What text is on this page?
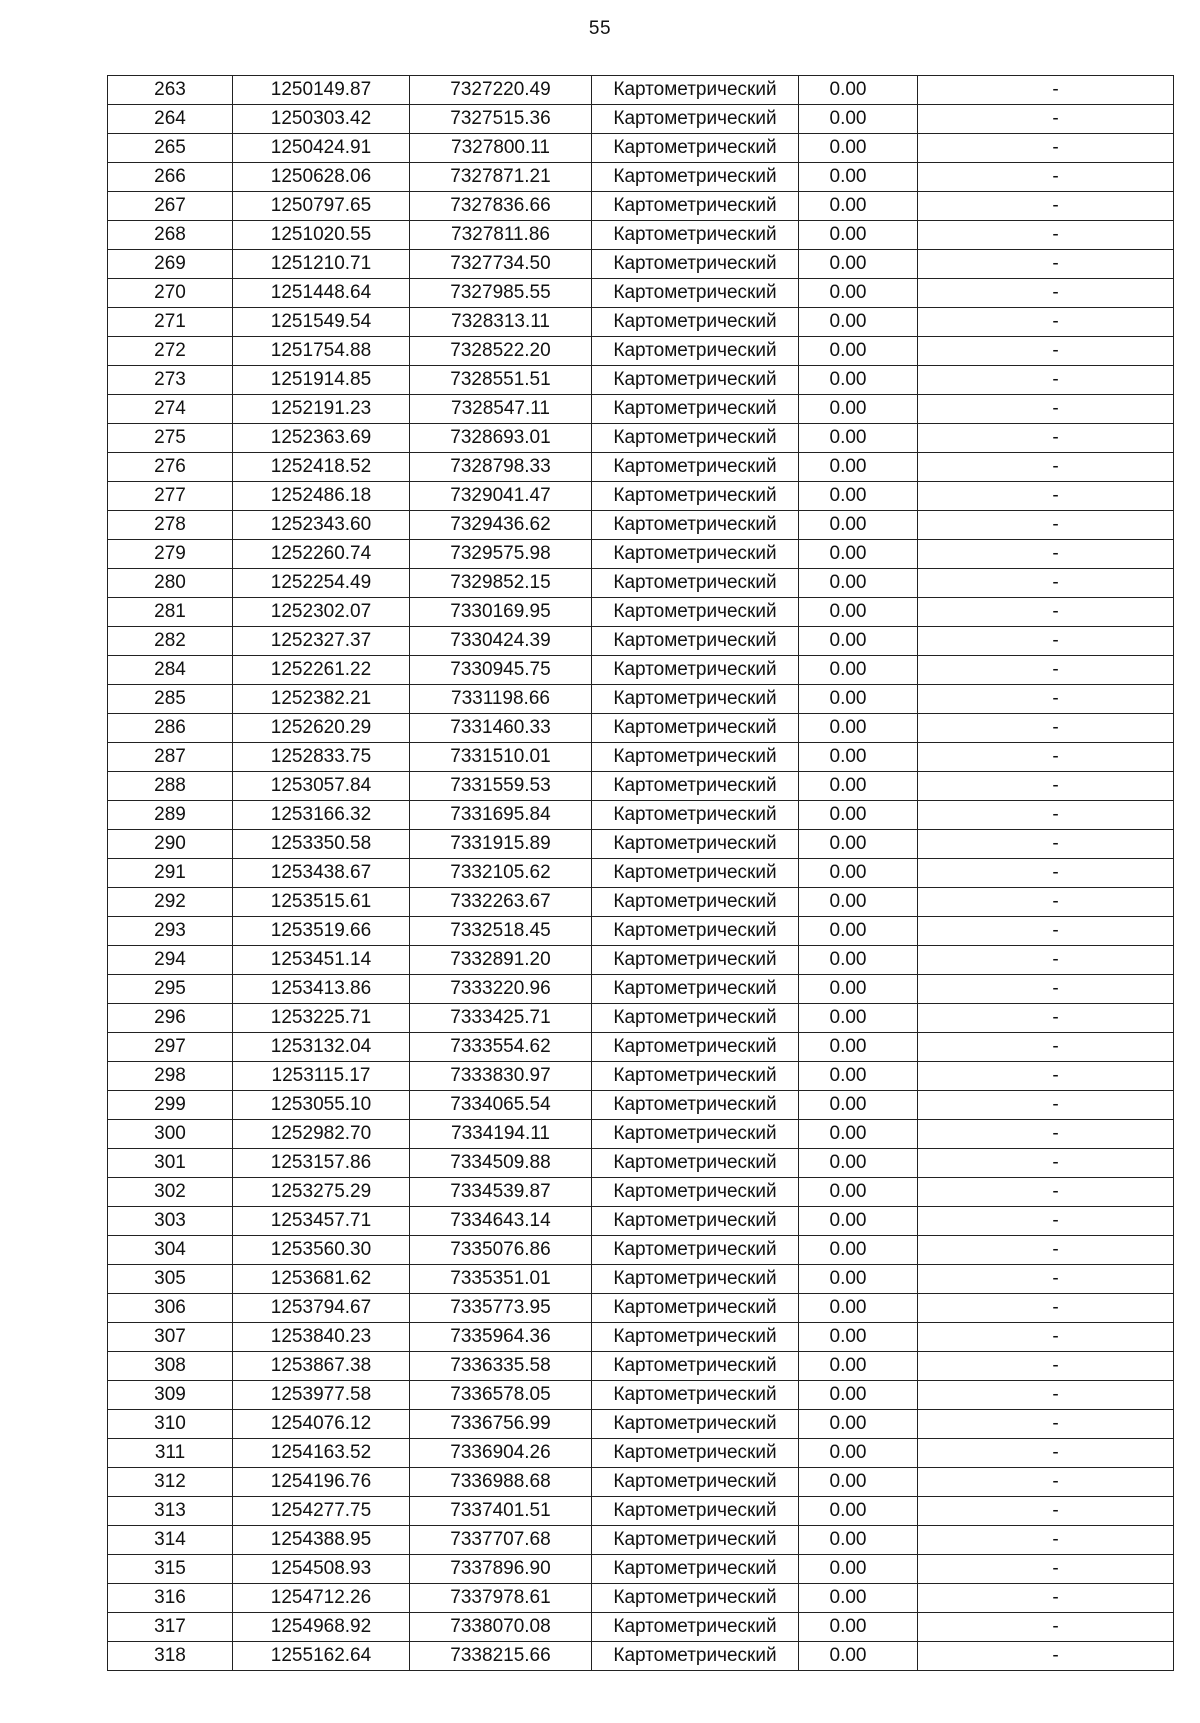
55
263	1250149.87	7327220.49	Картометрический	0.00	-
264	1250303.42	7327515.36	Картометрический	0.00	-
265	1250424.91	7327800.11	Картометрический	0.00	-
266	1250628.06	7327871.21	Картометрический	0.00	-
267	1250797.65	7327836.66	Картометрический	0.00	-
268	1251020.55	7327811.86	Картометрический	0.00	-
269	1251210.71	7327734.50	Картометрический	0.00	-
270	1251448.64	7327985.55	Картометрический	0.00	-
271	1251549.54	7328313.11	Картометрический	0.00	-
272	1251754.88	7328522.20	Картометрический	0.00	-
273	1251914.85	7328551.51	Картометрический	0.00	-
274	1252191.23	7328547.11	Картометрический	0.00	-
275	1252363.69	7328693.01	Картометрический	0.00	-
276	1252418.52	7328798.33	Картометрический	0.00	-
277	1252486.18	7329041.47	Картометрический	0.00	-
278	1252343.60	7329436.62	Картометрический	0.00	-
279	1252260.74	7329575.98	Картометрический	0.00	-
280	1252254.49	7329852.15	Картометрический	0.00	-
281	1252302.07	7330169.95	Картометрический	0.00	-
282	1252327.37	7330424.39	Картометрический	0.00	-
284	1252261.22	7330945.75	Картометрический	0.00	-
285	1252382.21	7331198.66	Картометрический	0.00	-
286	1252620.29	7331460.33	Картометрический	0.00	-
287	1252833.75	7331510.01	Картометрический	0.00	-
288	1253057.84	7331559.53	Картометрический	0.00	-
289	1253166.32	7331695.84	Картометрический	0.00	-
290	1253350.58	7331915.89	Картометрический	0.00	-
291	1253438.67	7332105.62	Картометрический	0.00	-
292	1253515.61	7332263.67	Картометрический	0.00	-
293	1253519.66	7332518.45	Картометрический	0.00	-
294	1253451.14	7332891.20	Картометрический	0.00	-
295	1253413.86	7333220.96	Картометрический	0.00	-
296	1253225.71	7333425.71	Картометрический	0.00	-
297	1253132.04	7333554.62	Картометрический	0.00	-
298	1253115.17	7333830.97	Картометрический	0.00	-
299	1253055.10	7334065.54	Картометрический	0.00	-
300	1252982.70	7334194.11	Картометрический	0.00	-
301	1253157.86	7334509.88	Картометрический	0.00	-
302	1253275.29	7334539.87	Картометрический	0.00	-
303	1253457.71	7334643.14	Картометрический	0.00	-
304	1253560.30	7335076.86	Картометрический	0.00	-
305	1253681.62	7335351.01	Картометрический	0.00	-
306	1253794.67	7335773.95	Картометрический	0.00	-
307	1253840.23	7335964.36	Картометрический	0.00	-
308	1253867.38	7336335.58	Картометрический	0.00	-
309	1253977.58	7336578.05	Картометрический	0.00	-
310	1254076.12	7336756.99	Картометрический	0.00	-
311	1254163.52	7336904.26	Картометрический	0.00	-
312	1254196.76	7336988.68	Картометрический	0.00	-
313	1254277.75	7337401.51	Картометрический	0.00	-
314	1254388.95	7337707.68	Картометрический	0.00	-
315	1254508.93	7337896.90	Картометрический	0.00	-
316	1254712.26	7337978.61	Картометрический	0.00	-
317	1254968.92	7338070.08	Картометрический	0.00	-
318	1255162.64	7338215.66	Картометрический	0.00	-
